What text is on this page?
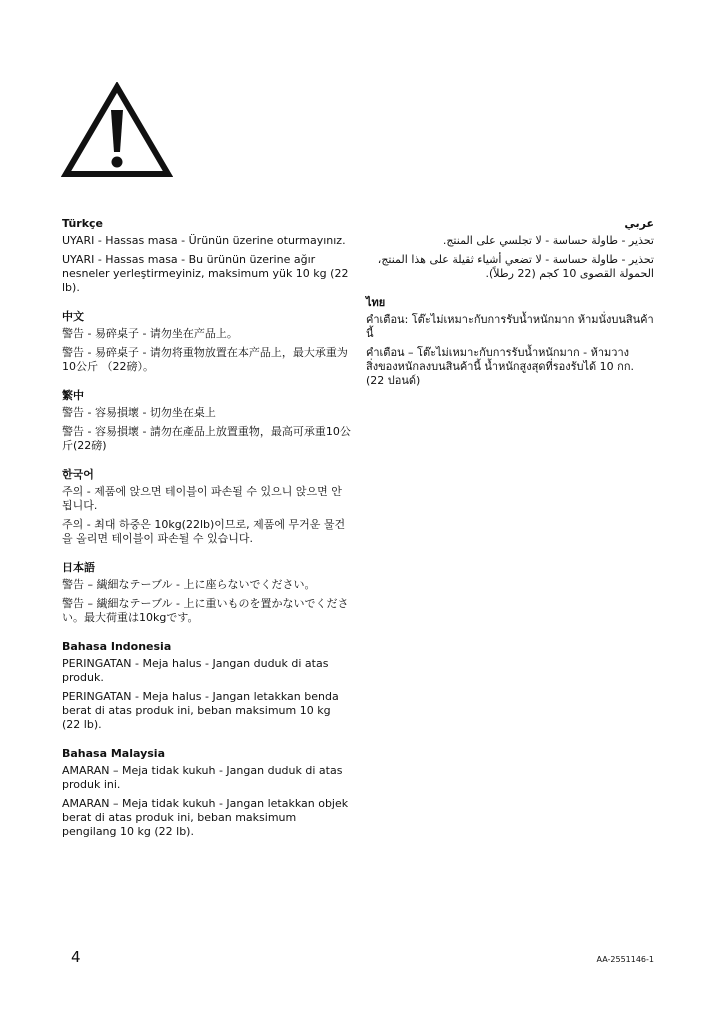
Türkçe

UYARI - Hassas masa - Ürünün üzerine oturmayınız.

UYARI - Hassas masa - Bu ürünün üzerine ağır nesneler yerleştirmeyiniz, maksimum yük 10 kg (22 lb).

中文

警告 - 易碎桌子 - 请勿坐在产品上。

警告 - 易碎桌子 - 请勿将重物放置在本产品上，最大承重为10公斤 （22磅）。

繁中

警告 - 容易損壞 - 切勿坐在桌上

警告 - 容易損壞 - 請勿在產品上放置重物，最高可承重10公斤(22磅)

한국어

주의 - 제품에 앉으면 테이블이 파손될 수 있으니 앉으면 안 됩니다.

주의 - 최대 하중은 10kg(22lb)이므로, 제품에 무거운 물건을 올리면 테이블이 파손될 수 있습니다.

日本語

警告 – 繊細なテーブル - 上に座らないでください。

警告 – 繊細なテーブル - 上に重いものを置かないでください。最大荷重は10kgです。

Bahasa Indonesia

PERINGATAN - Meja halus - Jangan duduk di atas produk.

PERINGATAN - Meja halus - Jangan letakkan benda berat di atas produk ini, beban maksimum 10 kg (22 lb).

Bahasa Malaysia

AMARAN – Meja tidak kukuh - Jangan duduk di atas produk ini.

AMARAN – Meja tidak kukuh - Jangan letakkan objek berat di atas produk ini, beban maksimum pengilang 10 kg (22 lb).

عربي

تحذير - طاولة حساسة - لا تجلسي على المنتج.

تحذير - طاولة حساسة - لا تضعي أشياء ثقيلة على هذا المنتج، الحمولة القصوى 10 كجم (22 رطلاً).

ไทย

คำเตือน: โต๊ะไม่เหมาะกับการรับน้ำหนักมาก ห้ามนั่งบนสินค้านี้

คำเตือน – โต๊ะไม่เหมาะกับการรับน้ำหนักมาก - ห้ามวางสิ่งของหนักลงบนสินค้านี้ น้ำหนักสูงสุดที่รองรับได้ 10 กก. (22 ปอนด์)

4	AA-2551146-1
